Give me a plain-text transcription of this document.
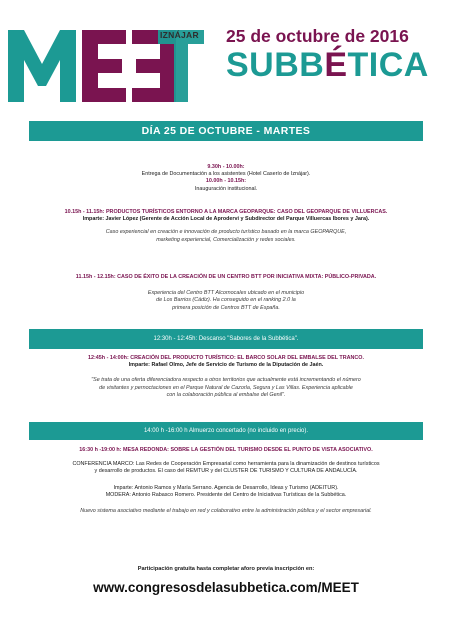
IZNÁJAR 25 de octubre de 2016
SUBBÉTICA
DÍA 25 DE OCTUBRE - MARTES

9.30h - 10.00h:

Entrega de Documentación a los asistentes (Hotel Caserío de Iznájar).

10.00h - 10.15h:

Inauguración institucional.

10.15h - 11.15h: PRODUCTOS TURÍSTICOS ENTORNO A LA MARCA GEOPARQUE: CASO DEL GEOPARQUE DE VILLUERCAS.

Imparte: Javier López (Gerente de Acción Local de Aprodervi y Subdirector del Parque Villuercas Ibores y Jara).

Caso experiencial en creación e innovación de producto turístico basado en la marca GEOPARQUE,

marketing experiencial, Comercialización y redes sociales.

11.15h - 12.15h: CASO DE ÉXITO DE LA CREACIÓN DE UN CENTRO BTT POR INICIATIVA MIXTA: PÚBLICO-PRIVADA.

Experiencia del Centro BTT Alcornocales ubicado en el municipio

de Los Barrios (Cádiz). Ha conseguido en el ranking 2.0 la

primera posición de Centros BTT de España.

12:30h - 12:45h: Descanso "Sabores de la Subbética".

12:45h - 14:00h: CREACIÓN DEL PRODUCTO TURÍSTICO: EL BARCO SOLAR DEL EMBALSE DEL TRANCO.

Imparte: Rafael Olmo, Jefe de Servicio de Turismo de la Diputación de Jaén.

"Se trata de una oferta diferenciadora respecto a otros territorios que actualmente está incrementando el número

de visitantes y pernoctaciones en el Parque Natural de Cazorla, Segura y Las Villas. Experiencia aplicable

con la colaboración pública al embalse del Genil".

14:00 h -16:00 h Almuerzo concertado (no incluido en precio).

16:30 h -19:00 h: MESA REDONDA: SOBRE LA GESTIÓN DEL TURISMO DESDE EL PUNTO DE VISTA ASOCIATIVO.

CONFERENCIA MARCO: Las Redes de Cooperación Empresarial como herramienta para la dinamización de destinos turísticos

y desarrollo de productos. El caso del REMTUR y del CLUSTER DE TURISMO Y CULTURA DE ANDALUCÍA.

Imparte: Antonio Ramos y María Serrano. Agencia de Desarrollo, Ideas y Turismo (ADEITUR).

MODERA: Antonio Rabasco Romero. Presidente del Centro de Iniciativas Turísticas de la Subbética.

Nuevo sistema asociativo mediante el trabajo en red y colaborativo entre la administración pública y el sector empresarial.

Participación gratuita hasta completar aforo previa inscripción en:
www.congresosdelasubbetica.com/MEET
